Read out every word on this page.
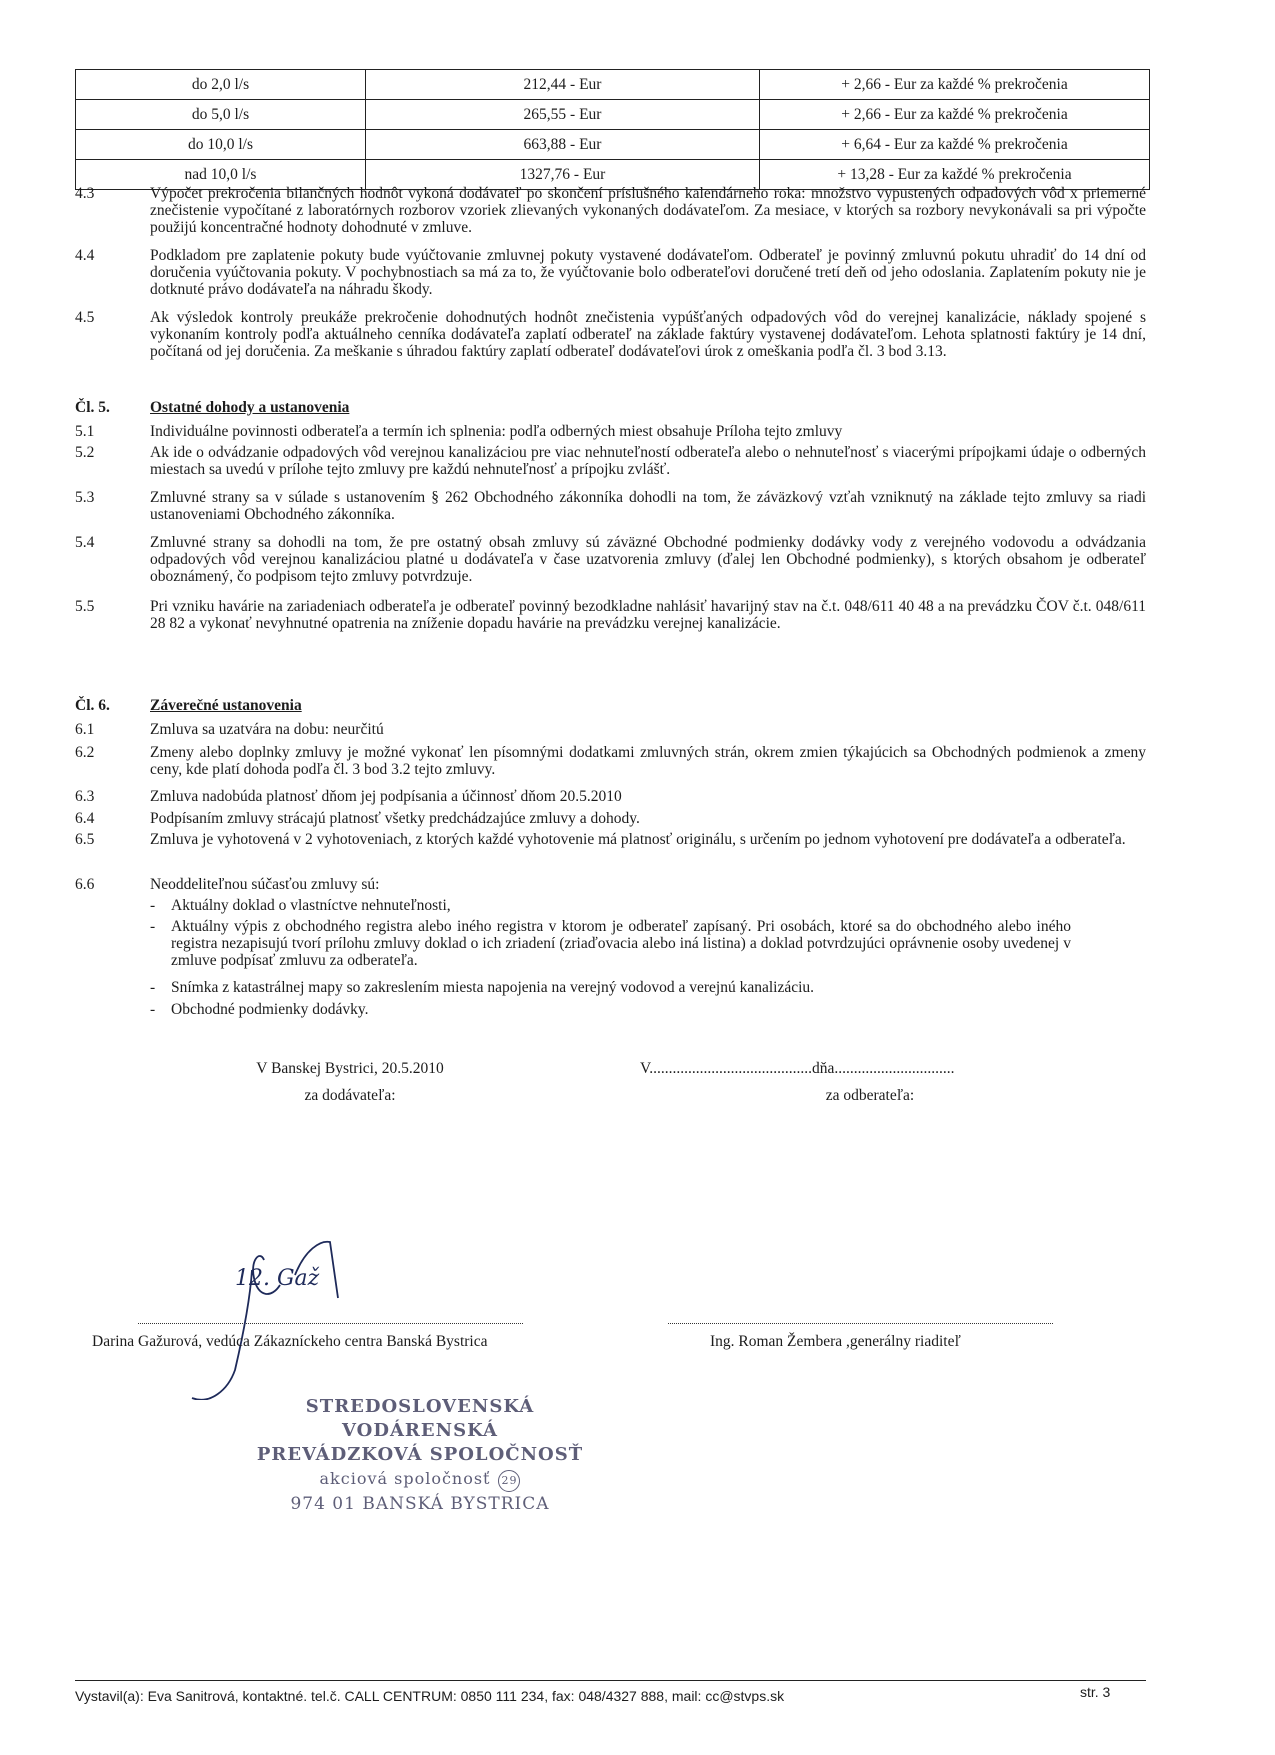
do 2,0 l/s	212,44 - Eur	+ 2,66 - Eur za každé % prekročenia
do 5,0 l/s	265,55 - Eur	+ 2,66 - Eur za každé % prekročenia
do 10,0 l/s	663,88 - Eur	+ 6,64 - Eur za každé % prekročenia
nad 10,0 l/s	1327,76 - Eur	+ 13,28 - Eur za každé % prekročenia
4.3	Výpočet prekročenia bilančných hodnôt vykoná dodávateľ po skončení príslušného kalendárneho roka: množstvo vypustených odpadových vôd x priemerné znečistenie vypočítané z laboratórnych rozborov vzoriek zlievaných vykonaných dodávateľom. Za mesiace, v ktorých sa rozbory nevykonávali sa pri výpočte použijú koncentračné hodnoty dohodnuté v zmluve.
4.4	Podkladom pre zaplatenie pokuty bude vyúčtovanie zmluvnej pokuty vystavené dodávateľom. Odberateľ je povinný zmluvnú pokutu uhradiť do 14 dní od doručenia vyúčtovania pokuty. V pochybnostiach sa má za to, že vyúčtovanie bolo odberateľovi doručené tretí deň od jeho odoslania. Zaplatením pokuty nie je dotknuté právo dodávateľa na náhradu škody.
4.5	Ak výsledok kontroly preukáže prekročenie dohodnutých hodnôt znečistenia vypúšťaných odpadových vôd do verejnej kanalizácie, náklady spojené s vykonaním kontroly podľa aktuálneho cenníka dodávateľa zaplatí odberateľ na základe faktúry vystavenej dodávateľom. Lehota splatnosti faktúry je 14 dní, počítaná od jej doručenia. Za meškanie s úhradou faktúry zaplatí odberateľ dodávateľovi úrok z omeškania podľa čl. 3 bod 3.13.
Čl. 5.	Ostatné dohody a ustanovenia
5.1	Individuálne povinnosti odberateľa a termín ich splnenia: podľa odberných miest obsahuje Príloha tejto zmluvy
5.2	Ak ide o odvádzanie odpadových vôd verejnou kanalizáciou pre viac nehnuteľností odberateľa alebo o nehnuteľnosť s viacerými prípojkami údaje o odberných miestach sa uvedú v prílohe tejto zmluvy pre každú nehnuteľnosť a prípojku zvlášť.
5.3	Zmluvné strany sa v súlade s ustanovením § 262 Obchodného zákonníka dohodli na tom, že záväzkový vzťah vzniknutý na základe tejto zmluvy sa riadi ustanoveniami Obchodného zákonníka.
5.4	Zmluvné strany sa dohodli na tom, že pre ostatný obsah zmluvy sú záväzné Obchodné podmienky dodávky vody z verejného vodovodu a odvádzania odpadových vôd verejnou kanalizáciou platné u dodávateľa v čase uzatvorenia zmluvy (ďalej len Obchodné podmienky), s ktorých obsahom je odberateľ oboznámený, čo podpisom tejto zmluvy potvrdzuje.
5.5	Pri vzniku havárie na zariadeniach odberateľa je odberateľ povinný bezodkladne nahlásiť havarijný stav na č.t. 048/611 40 48 a na prevádzku ČOV č.t. 048/611 28 82 a vykonať nevyhnutné opatrenia na zníženie dopadu havárie na prevádzku verejnej kanalizácie.
Čl. 6.	Záverečné ustanovenia
6.1	Zmluva sa uzatvára na dobu: neurčitú
6.2	Zmeny alebo doplnky zmluvy je možné vykonať len písomnými dodatkami zmluvných strán, okrem zmien týkajúcich sa Obchodných podmienok a zmeny ceny, kde platí dohoda podľa čl. 3 bod 3.2 tejto zmluvy.
6.3	Zmluva nadobúda platnosť dňom jej podpísania a účinnosť dňom 20.5.2010
6.4	Podpísaním zmluvy strácajú platnosť všetky predchádzajúce zmluvy a dohody.
6.5	Zmluva je vyhotovená v 2 vyhotoveniach, z ktorých každé vyhotovenie má platnosť originálu, s určením po jednom vyhotovení pre dodávateľa a odberateľa.
6.6	Neoddeliteľnou súčasťou zmluvy sú:
-	Aktuálny doklad o vlastníctve nehnuteľnosti,
-	Aktuálny výpis z obchodného registra alebo iného registra v ktorom je odberateľ zapísaný. Pri osobách, ktoré sa do obchodného alebo iného registra nezapisujú tvorí prílohu zmluvy doklad o ich zriadení (zriaďovacia alebo iná listina) a doklad potvrdzujúci oprávnenie osoby uvedenej v zmluve podpísať zmluvu za odberateľa.
-	Snímka z katastrálnej mapy so zakreslením miesta napojenia na verejný vodovod a verejnú kanalizáciu.
-	Obchodné podmienky dodávky.
V Banskej Bystrici, 20.5.2010
za dodávateľa:
V..........................................dňa...............................
za odberateľa:
12. Gaž
Darina Gažurová, vedúca Zákazníckeho centra Banská Bystrica	Ing. Roman Žembera ,generálny riaditeľ
STREDOSLOVENSKÁ VODÁRENSKÁ
PREVÁDZKOVÁ SPOLOČNOSŤ
akciová spoločnosť 29
974 01 BANSKÁ BYSTRICA
Vystavil(a): Eva Sanitrová, kontaktné. tel.č. CALL CENTRUM: 0850 111 234, fax: 048/4327 888, mail: cc@stvps.sk	str. 3
